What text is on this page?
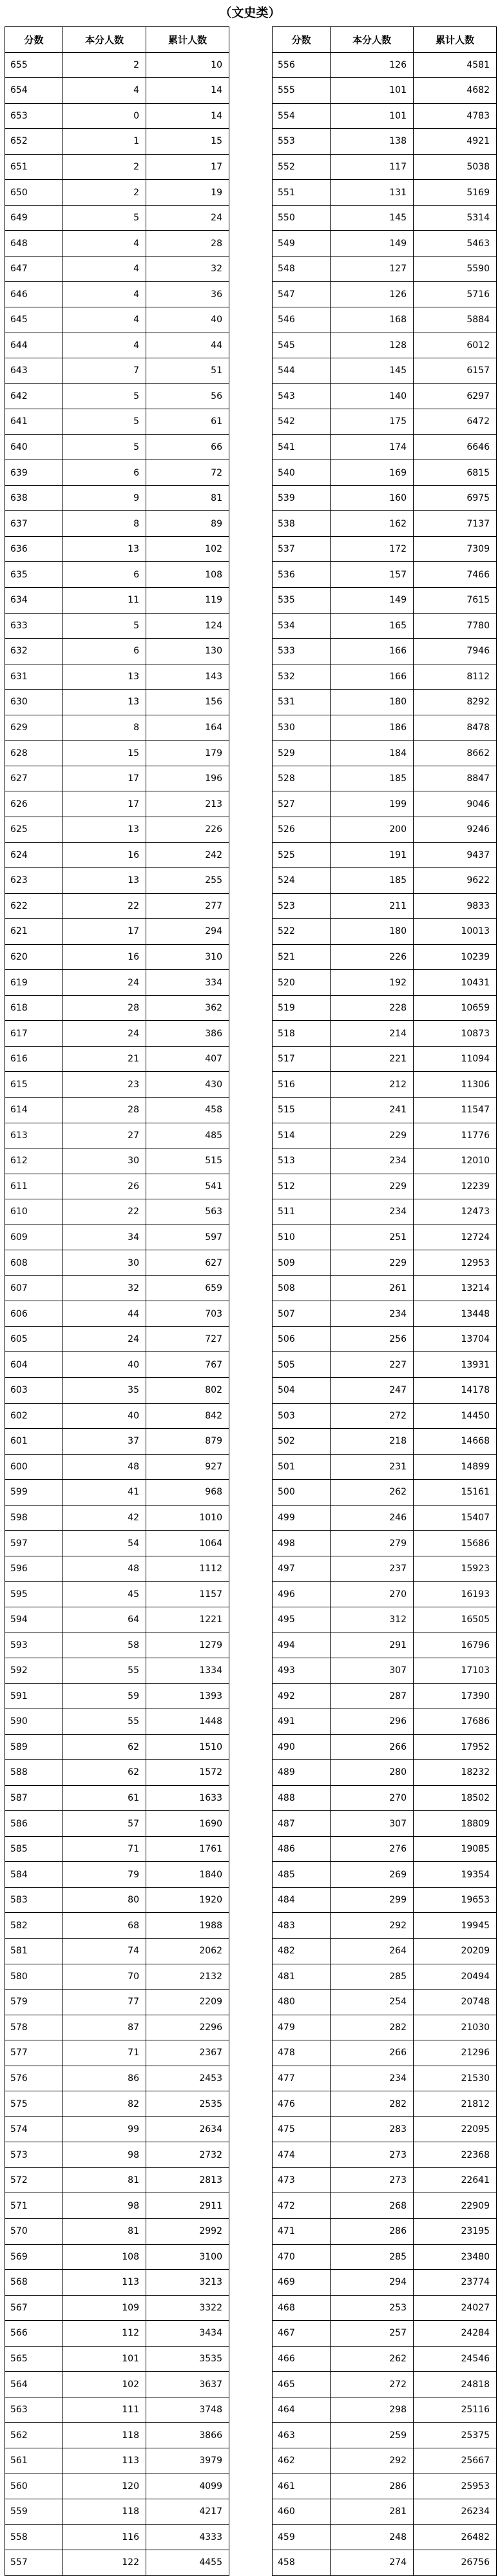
（文史类）
分数	本分人数	累计人数
655	2	10
654	4	14
653	0	14
652	1	15
651	2	17
650	2	19
649	5	24
648	4	28
647	4	32
646	4	36
645	4	40
644	4	44
643	7	51
642	5	56
641	5	61
640	5	66
639	6	72
638	9	81
637	8	89
636	13	102
635	6	108
634	11	119
633	5	124
632	6	130
631	13	143
630	13	156
629	8	164
628	15	179
627	17	196
626	17	213
625	13	226
624	16	242
623	13	255
622	22	277
621	17	294
620	16	310
619	24	334
618	28	362
617	24	386
616	21	407
615	23	430
614	28	458
613	27	485
612	30	515
611	26	541
610	22	563
609	34	597
608	30	627
607	32	659
606	44	703
605	24	727
604	40	767
603	35	802
602	40	842
601	37	879
600	48	927
599	41	968
598	42	1010
597	54	1064
596	48	1112
595	45	1157
594	64	1221
593	58	1279
592	55	1334
591	59	1393
590	55	1448
589	62	1510
588	62	1572
587	61	1633
586	57	1690
585	71	1761
584	79	1840
583	80	1920
582	68	1988
581	74	2062
580	70	2132
579	77	2209
578	87	2296
577	71	2367
576	86	2453
575	82	2535
574	99	2634
573	98	2732
572	81	2813
571	98	2911
570	81	2992
569	108	3100
568	113	3213
567	109	3322
566	112	3434
565	101	3535
564	102	3637
563	111	3748
562	118	3866
561	113	3979
560	120	4099
559	118	4217
558	116	4333
557	122	4455
分数	本分人数	累计人数
556	126	4581
555	101	4682
554	101	4783
553	138	4921
552	117	5038
551	131	5169
550	145	5314
549	149	5463
548	127	5590
547	126	5716
546	168	5884
545	128	6012
544	145	6157
543	140	6297
542	175	6472
541	174	6646
540	169	6815
539	160	6975
538	162	7137
537	172	7309
536	157	7466
535	149	7615
534	165	7780
533	166	7946
532	166	8112
531	180	8292
530	186	8478
529	184	8662
528	185	8847
527	199	9046
526	200	9246
525	191	9437
524	185	9622
523	211	9833
522	180	10013
521	226	10239
520	192	10431
519	228	10659
518	214	10873
517	221	11094
516	212	11306
515	241	11547
514	229	11776
513	234	12010
512	229	12239
511	234	12473
510	251	12724
509	229	12953
508	261	13214
507	234	13448
506	256	13704
505	227	13931
504	247	14178
503	272	14450
502	218	14668
501	231	14899
500	262	15161
499	246	15407
498	279	15686
497	237	15923
496	270	16193
495	312	16505
494	291	16796
493	307	17103
492	287	17390
491	296	17686
490	266	17952
489	280	18232
488	270	18502
487	307	18809
486	276	19085
485	269	19354
484	299	19653
483	292	19945
482	264	20209
481	285	20494
480	254	20748
479	282	21030
478	266	21296
477	234	21530
476	282	21812
475	283	22095
474	273	22368
473	273	22641
472	268	22909
471	286	23195
470	285	23480
469	294	23774
468	253	24027
467	257	24284
466	262	24546
465	272	24818
464	298	25116
463	259	25375
462	292	25667
461	286	25953
460	281	26234
459	248	26482
458	274	26756
